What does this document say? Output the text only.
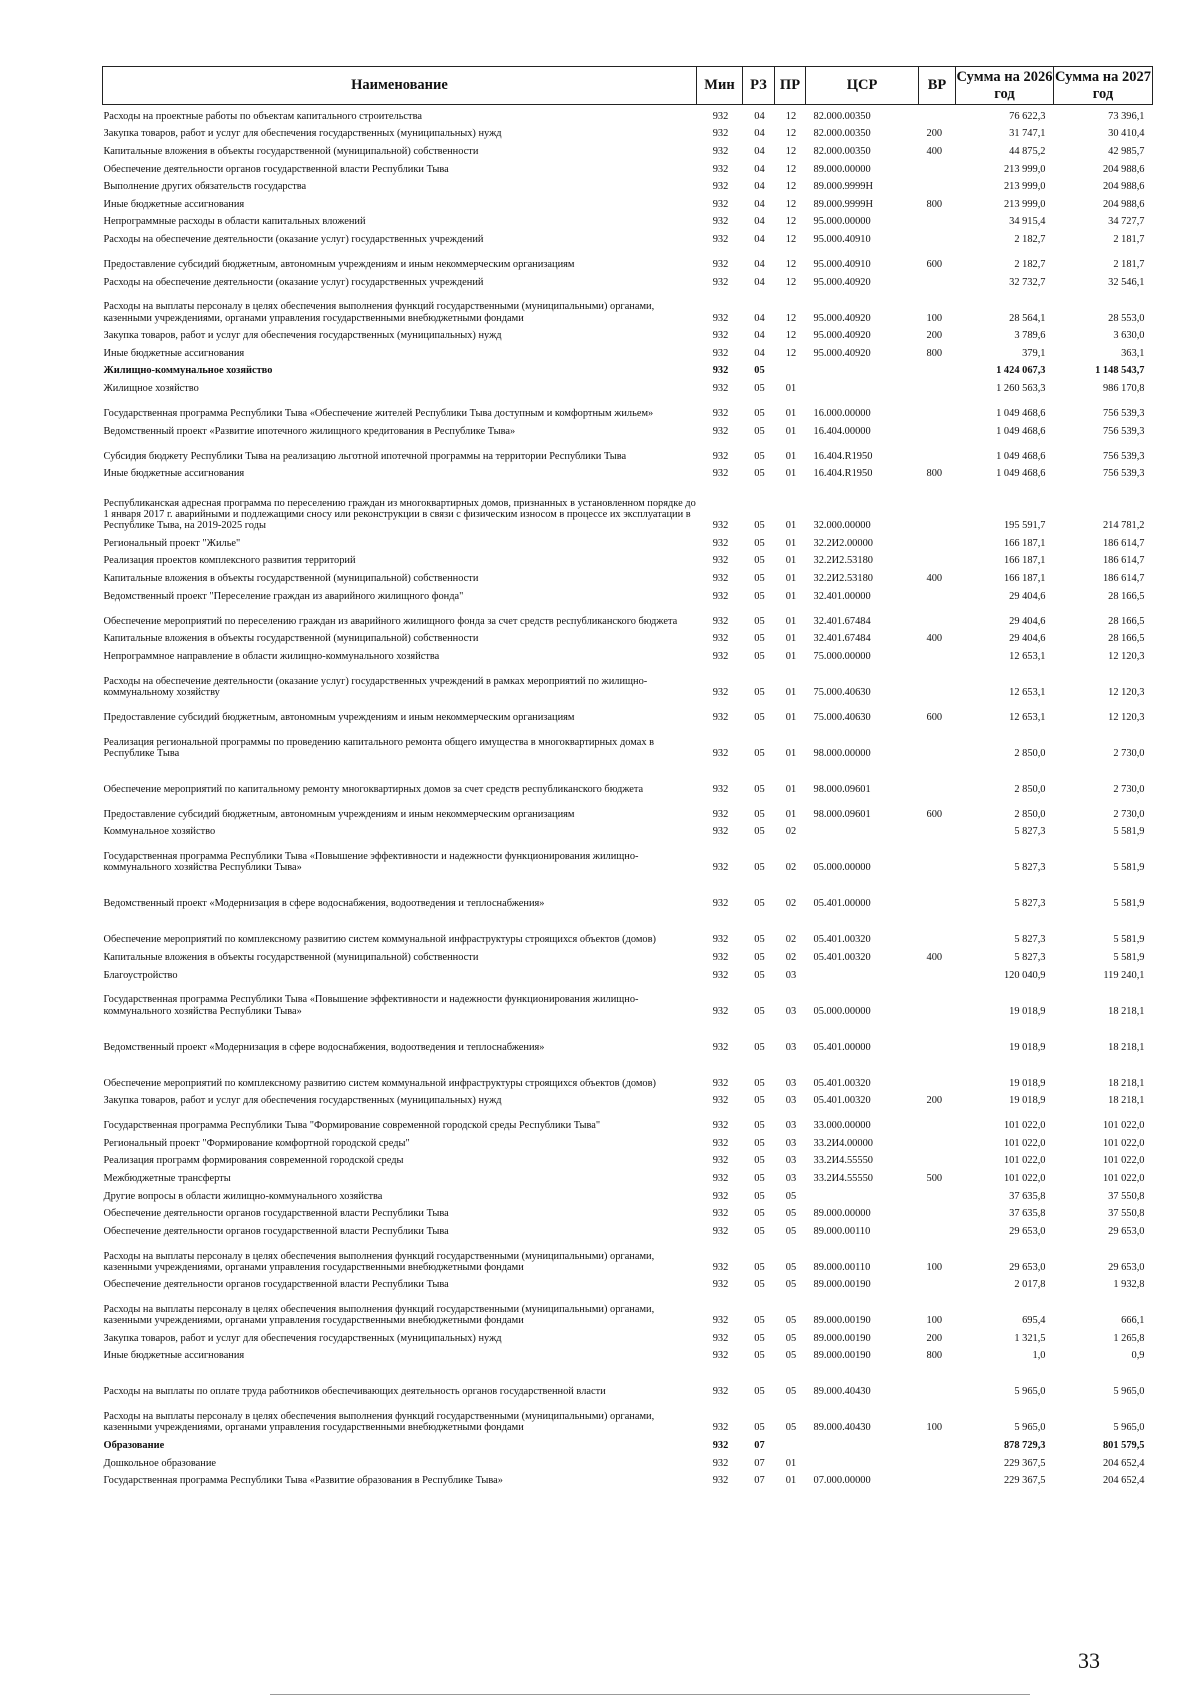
Наименование	Мин	РЗ	ПР	ЦСР	ВР	Сумма на 2026 год	Сумма на 2027 год
Расходы на проектные работы по объектам капитального строительства	932	04	12	82.000.00350		76 622,3	73 396,1
Закупка товаров, работ и услуг для обеспечения государственных (муниципальных) нужд	932	04	12	82.000.00350	200	31 747,1	30 410,4
Капитальные вложения в объекты государственной (муниципальной) собственности	932	04	12	82.000.00350	400	44 875,2	42 985,7
Обеспечение деятельности органов государственной власти Республики Тыва	932	04	12	89.000.00000		213 999,0	204 988,6
Выполнение других обязательств государства	932	04	12	89.000.9999Н		213 999,0	204 988,6
Иные бюджетные ассигнования	932	04	12	89.000.9999Н	800	213 999,0	204 988,6
Непрограммные расходы в области капитальных вложений	932	04	12	95.000.00000		34 915,4	34 727,7
Расходы на обеспечение деятельности (оказание услуг) государственных учреждений	932	04	12	95.000.40910		2 182,7	2 181,7
Предоставление субсидий бюджетным, автономным учреждениям и иным некоммерческим организациям	932	04	12	95.000.40910	600	2 182,7	2 181,7
Расходы на обеспечение деятельности (оказание услуг) государственных учреждений	932	04	12	95.000.40920		32 732,7	32 546,1
Расходы на выплаты персоналу в целях обеспечения выполнения функций государственными (муниципальными) органами, казенными учреждениями, органами управления государственными внебюджетными фондами	932	04	12	95.000.40920	100	28 564,1	28 553,0
Закупка товаров, работ и услуг для обеспечения государственных (муниципальных) нужд	932	04	12	95.000.40920	200	3 789,6	3 630,0
Иные бюджетные ассигнования	932	04	12	95.000.40920	800	379,1	363,1
Жилищно-коммунальное хозяйство	932	05				1 424 067,3	1 148 543,7
Жилищное хозяйство	932	05	01			1 260 563,3	986 170,8
Государственная программа Республики Тыва «Обеспечение жителей Республики Тыва доступным и комфортным жильем»	932	05	01	16.000.00000		1 049 468,6	756 539,3
Ведомственный проект «Развитие ипотечного жилищного кредитования в Республике Тыва»	932	05	01	16.404.00000		1 049 468,6	756 539,3
Субсидия бюджету Республики Тыва на реализацию льготной ипотечной программы на территории Республики Тыва	932	05	01	16.404.R1950		1 049 468,6	756 539,3
Иные бюджетные ассигнования	932	05	01	16.404.R1950	800	1 049 468,6	756 539,3
Республиканская адресная программа по переселению граждан из многоквартирных домов, признанных в установленном порядке до 1 января 2017 г. аварийными и подлежащими сносу или реконструкции в связи с физическим износом в процессе их эксплуатации в Республике Тыва, на 2019-2025 годы	932	05	01	32.000.00000		195 591,7	214 781,2
Региональный проект "Жилье"	932	05	01	32.2И2.00000		166 187,1	186 614,7
Реализация проектов комплексного развития территорий	932	05	01	32.2И2.53180		166 187,1	186 614,7
Капитальные вложения в объекты государственной (муниципальной) собственности	932	05	01	32.2И2.53180	400	166 187,1	186 614,7
Ведомственный проект "Переселение граждан из аварийного жилищного фонда"	932	05	01	32.401.00000		29 404,6	28 166,5
Обеспечение мероприятий по переселению граждан из аварийного жилищного фонда за счет средств республиканского бюджета	932	05	01	32.401.67484		29 404,6	28 166,5
Капитальные вложения в объекты государственной (муниципальной) собственности	932	05	01	32.401.67484	400	29 404,6	28 166,5
Непрограммное направление в области жилищно-коммунального хозяйства	932	05	01	75.000.00000		12 653,1	12 120,3
Расходы на обеспечение деятельности (оказание услуг) государственных учреждений в рамках мероприятий по жилищно-коммунальному хозяйству	932	05	01	75.000.40630		12 653,1	12 120,3
Предоставление субсидий бюджетным, автономным учреждениям и иным некоммерческим организациям	932	05	01	75.000.40630	600	12 653,1	12 120,3
Реализация региональной программы по проведению капитального ремонта общего имущества в многоквартирных домах в Республике Тыва	932	05	01	98.000.00000		2 850,0	2 730,0
Обеспечение мероприятий по капитальному ремонту многоквартирных домов за счет средств республиканского бюджета	932	05	01	98.000.09601		2 850,0	2 730,0
Предоставление субсидий бюджетным, автономным учреждениям и иным некоммерческим организациям	932	05	01	98.000.09601	600	2 850,0	2 730,0
Коммунальное хозяйство	932	05	02			5 827,3	5 581,9
Государственная программа Республики Тыва «Повышение эффективности и надежности функционирования жилищно-коммунального хозяйства Республики Тыва»	932	05	02	05.000.00000		5 827,3	5 581,9
Ведомственный проект «Модернизация в сфере водоснабжения, водоотведения и теплоснабжения»	932	05	02	05.401.00000		5 827,3	5 581,9
Обеспечение мероприятий по комплексному развитию систем коммунальной инфраструктуры строящихся объектов (домов)	932	05	02	05.401.00320		5 827,3	5 581,9
Капитальные вложения в объекты государственной (муниципальной) собственности	932	05	02	05.401.00320	400	5 827,3	5 581,9
Благоустройство	932	05	03			120 040,9	119 240,1
Государственная программа Республики Тыва «Повышение эффективности и надежности функционирования жилищно-коммунального хозяйства Республики Тыва»	932	05	03	05.000.00000		19 018,9	18 218,1
Ведомственный проект «Модернизация в сфере водоснабжения, водоотведения и теплоснабжения»	932	05	03	05.401.00000		19 018,9	18 218,1
Обеспечение мероприятий по комплексному развитию систем коммунальной инфраструктуры строящихся объектов (домов)	932	05	03	05.401.00320		19 018,9	18 218,1
Закупка товаров, работ и услуг для обеспечения государственных (муниципальных) нужд	932	05	03	05.401.00320	200	19 018,9	18 218,1
Государственная программа Республики Тыва "Формирование современной городской среды Республики Тыва"	932	05	03	33.000.00000		101 022,0	101 022,0
Региональный проект "Формирование комфортной городской среды"	932	05	03	33.2И4.00000		101 022,0	101 022,0
Реализация программ формирования современной городской среды	932	05	03	33.2И4.55550		101 022,0	101 022,0
Межбюджетные трансферты	932	05	03	33.2И4.55550	500	101 022,0	101 022,0
Другие вопросы в области жилищно-коммунального хозяйства	932	05	05			37 635,8	37 550,8
Обеспечение деятельности органов государственной власти Республики Тыва	932	05	05	89.000.00000		37 635,8	37 550,8
Обеспечение деятельности органов государственной власти Республики Тыва	932	05	05	89.000.00110		29 653,0	29 653,0
Расходы на выплаты персоналу в целях обеспечения выполнения функций государственными (муниципальными) органами, казенными учреждениями, органами управления государственными внебюджетными фондами	932	05	05	89.000.00110	100	29 653,0	29 653,0
Обеспечение деятельности органов государственной власти Республики Тыва	932	05	05	89.000.00190		2 017,8	1 932,8
Расходы на выплаты персоналу в целях обеспечения выполнения функций государственными (муниципальными) органами, казенными учреждениями, органами управления государственными внебюджетными фондами	932	05	05	89.000.00190	100	695,4	666,1
Закупка товаров, работ и услуг для обеспечения государственных (муниципальных) нужд	932	05	05	89.000.00190	200	1 321,5	1 265,8
Иные бюджетные ассигнования	932	05	05	89.000.00190	800	1,0	0,9
Расходы на выплаты по оплате труда работников обеспечивающих деятельность органов государственной власти	932	05	05	89.000.40430		5 965,0	5 965,0
Расходы на выплаты персоналу в целях обеспечения выполнения функций государственными (муниципальными) органами, казенными учреждениями, органами управления государственными внебюджетными фондами	932	05	05	89.000.40430	100	5 965,0	5 965,0
Образование	932	07				878 729,3	801 579,5
Дошкольное образование	932	07	01			229 367,5	204 652,4
Государственная программа Республики Тыва «Развитие образования в Республике Тыва»	932	07	01	07.000.00000		229 367,5	204 652,4
33
